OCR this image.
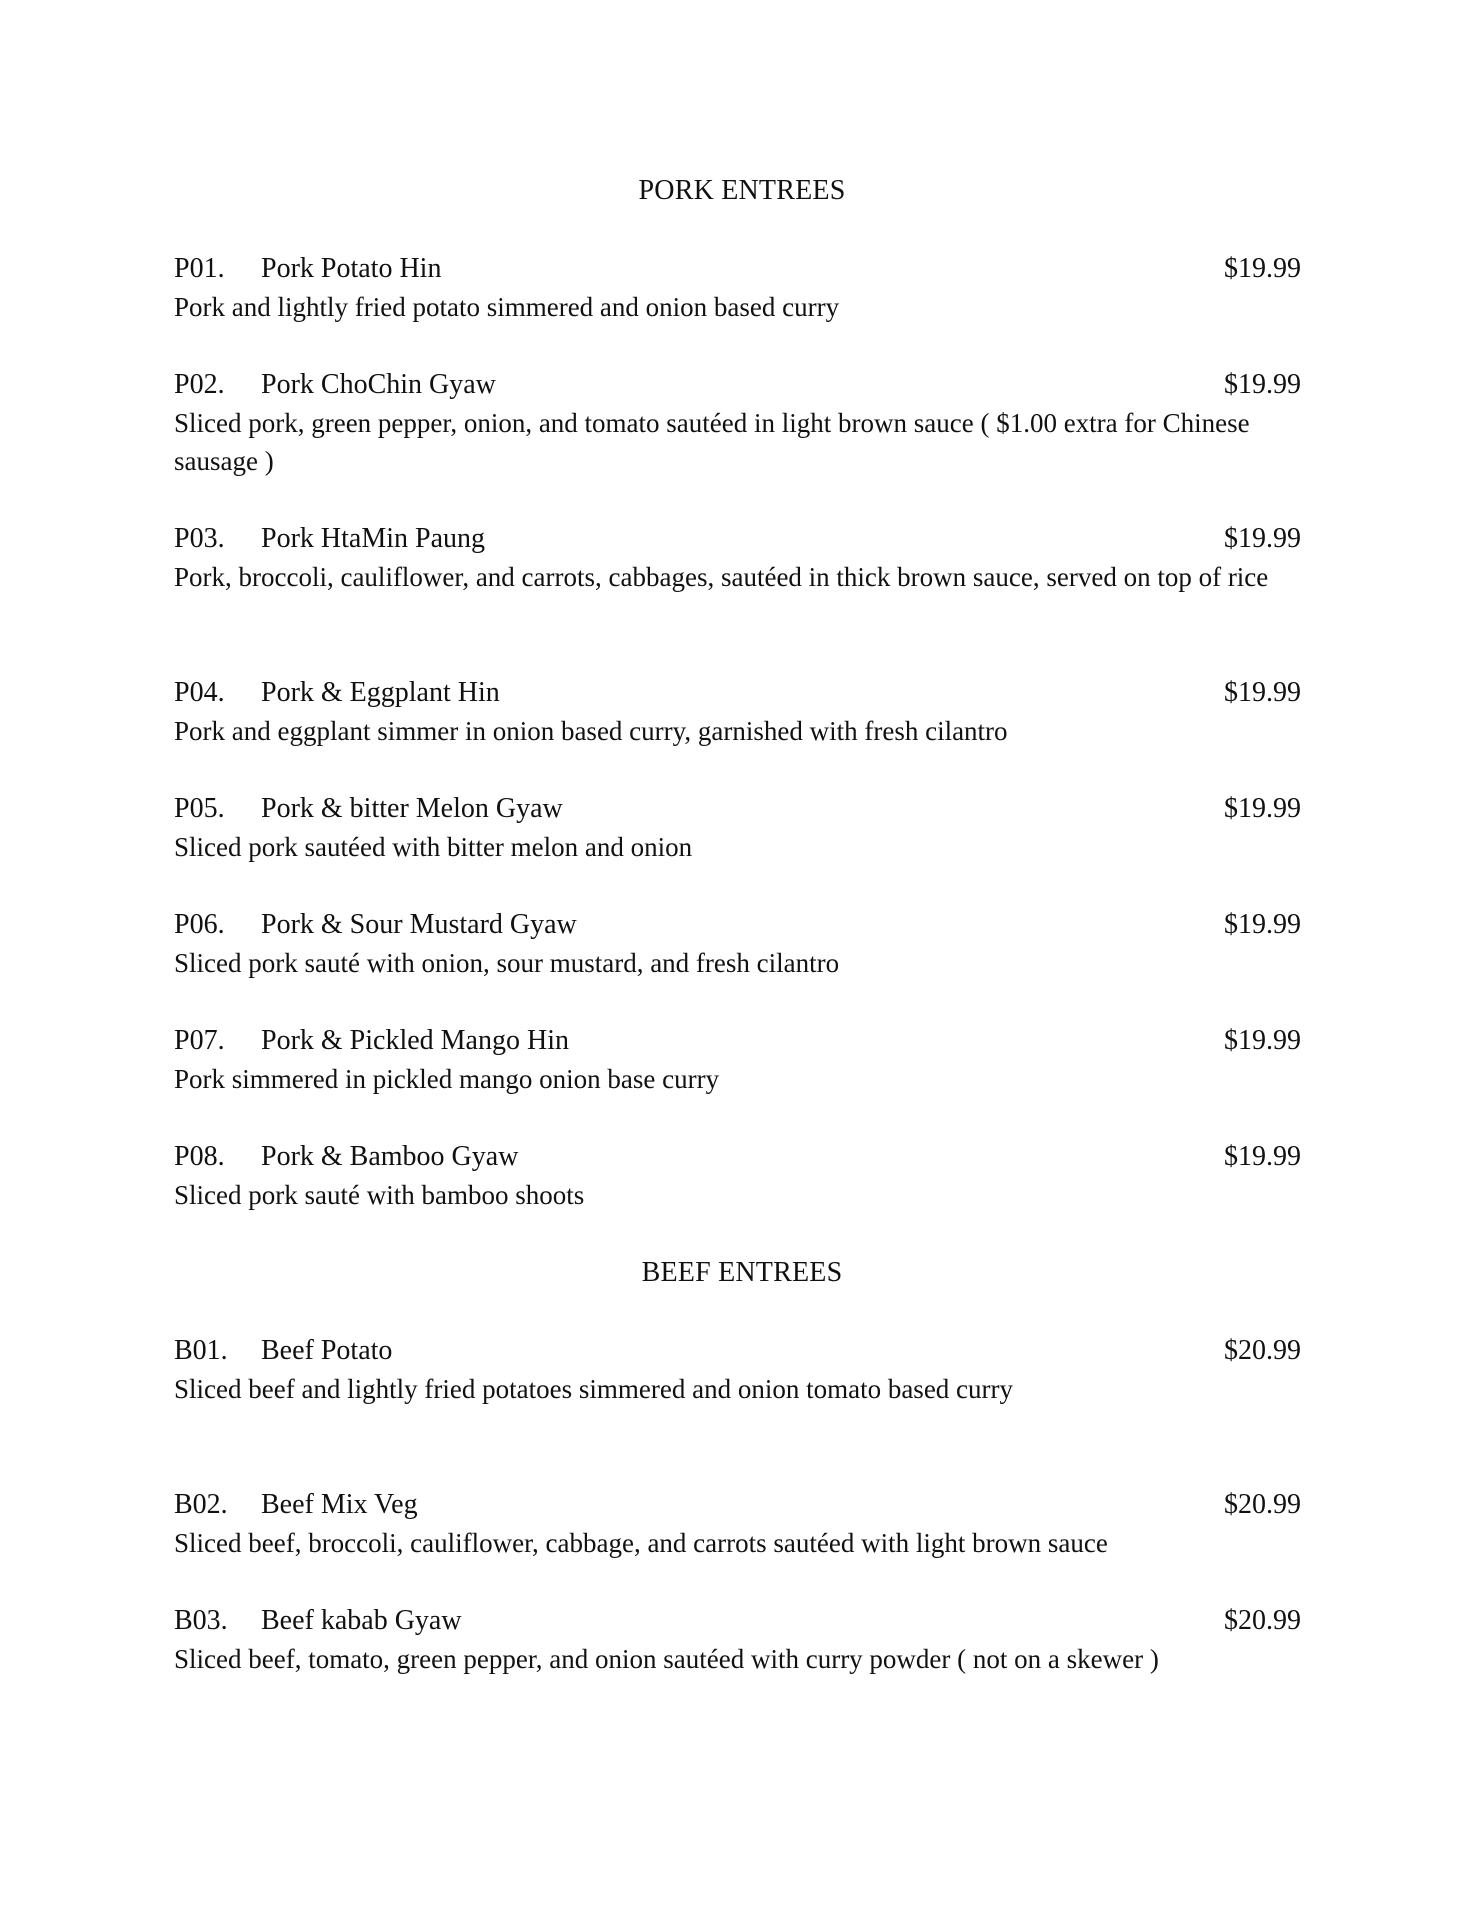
PORK ENTREES
P01. Pork Potato Hin	$19.99
Pork and lightly fried potato simmered and onion based curry
P02. Pork ChoChin Gyaw	$19.99
Sliced pork, green pepper, onion, and tomato sautéed in light brown sauce ( $1.00 extra for Chinese sausage )
P03. Pork HtaMin Paung	$19.99
Pork, broccoli, cauliflower, and carrots, cabbages, sautéed in thick brown sauce, served on top of rice
P04. Pork & Eggplant Hin	$19.99
Pork and eggplant simmer in onion based curry, garnished with fresh cilantro
P05. Pork & bitter Melon Gyaw	$19.99
Sliced pork sautéed with bitter melon and onion
P06. Pork & Sour Mustard Gyaw	$19.99
Sliced pork sauté with onion, sour mustard, and fresh cilantro
P07. Pork & Pickled Mango Hin	$19.99
Pork simmered in pickled mango onion base curry
P08. Pork & Bamboo Gyaw	$19.99
Sliced pork sauté with bamboo shoots
BEEF ENTREES
B01. Beef Potato	$20.99
Sliced beef and lightly fried potatoes simmered and onion tomato based curry
B02. Beef Mix Veg	$20.99
Sliced beef, broccoli, cauliflower, cabbage, and carrots sautéed with light brown sauce
B03. Beef kabab Gyaw	$20.99
Sliced beef, tomato, green pepper, and onion sautéed with curry powder ( not on a skewer )
